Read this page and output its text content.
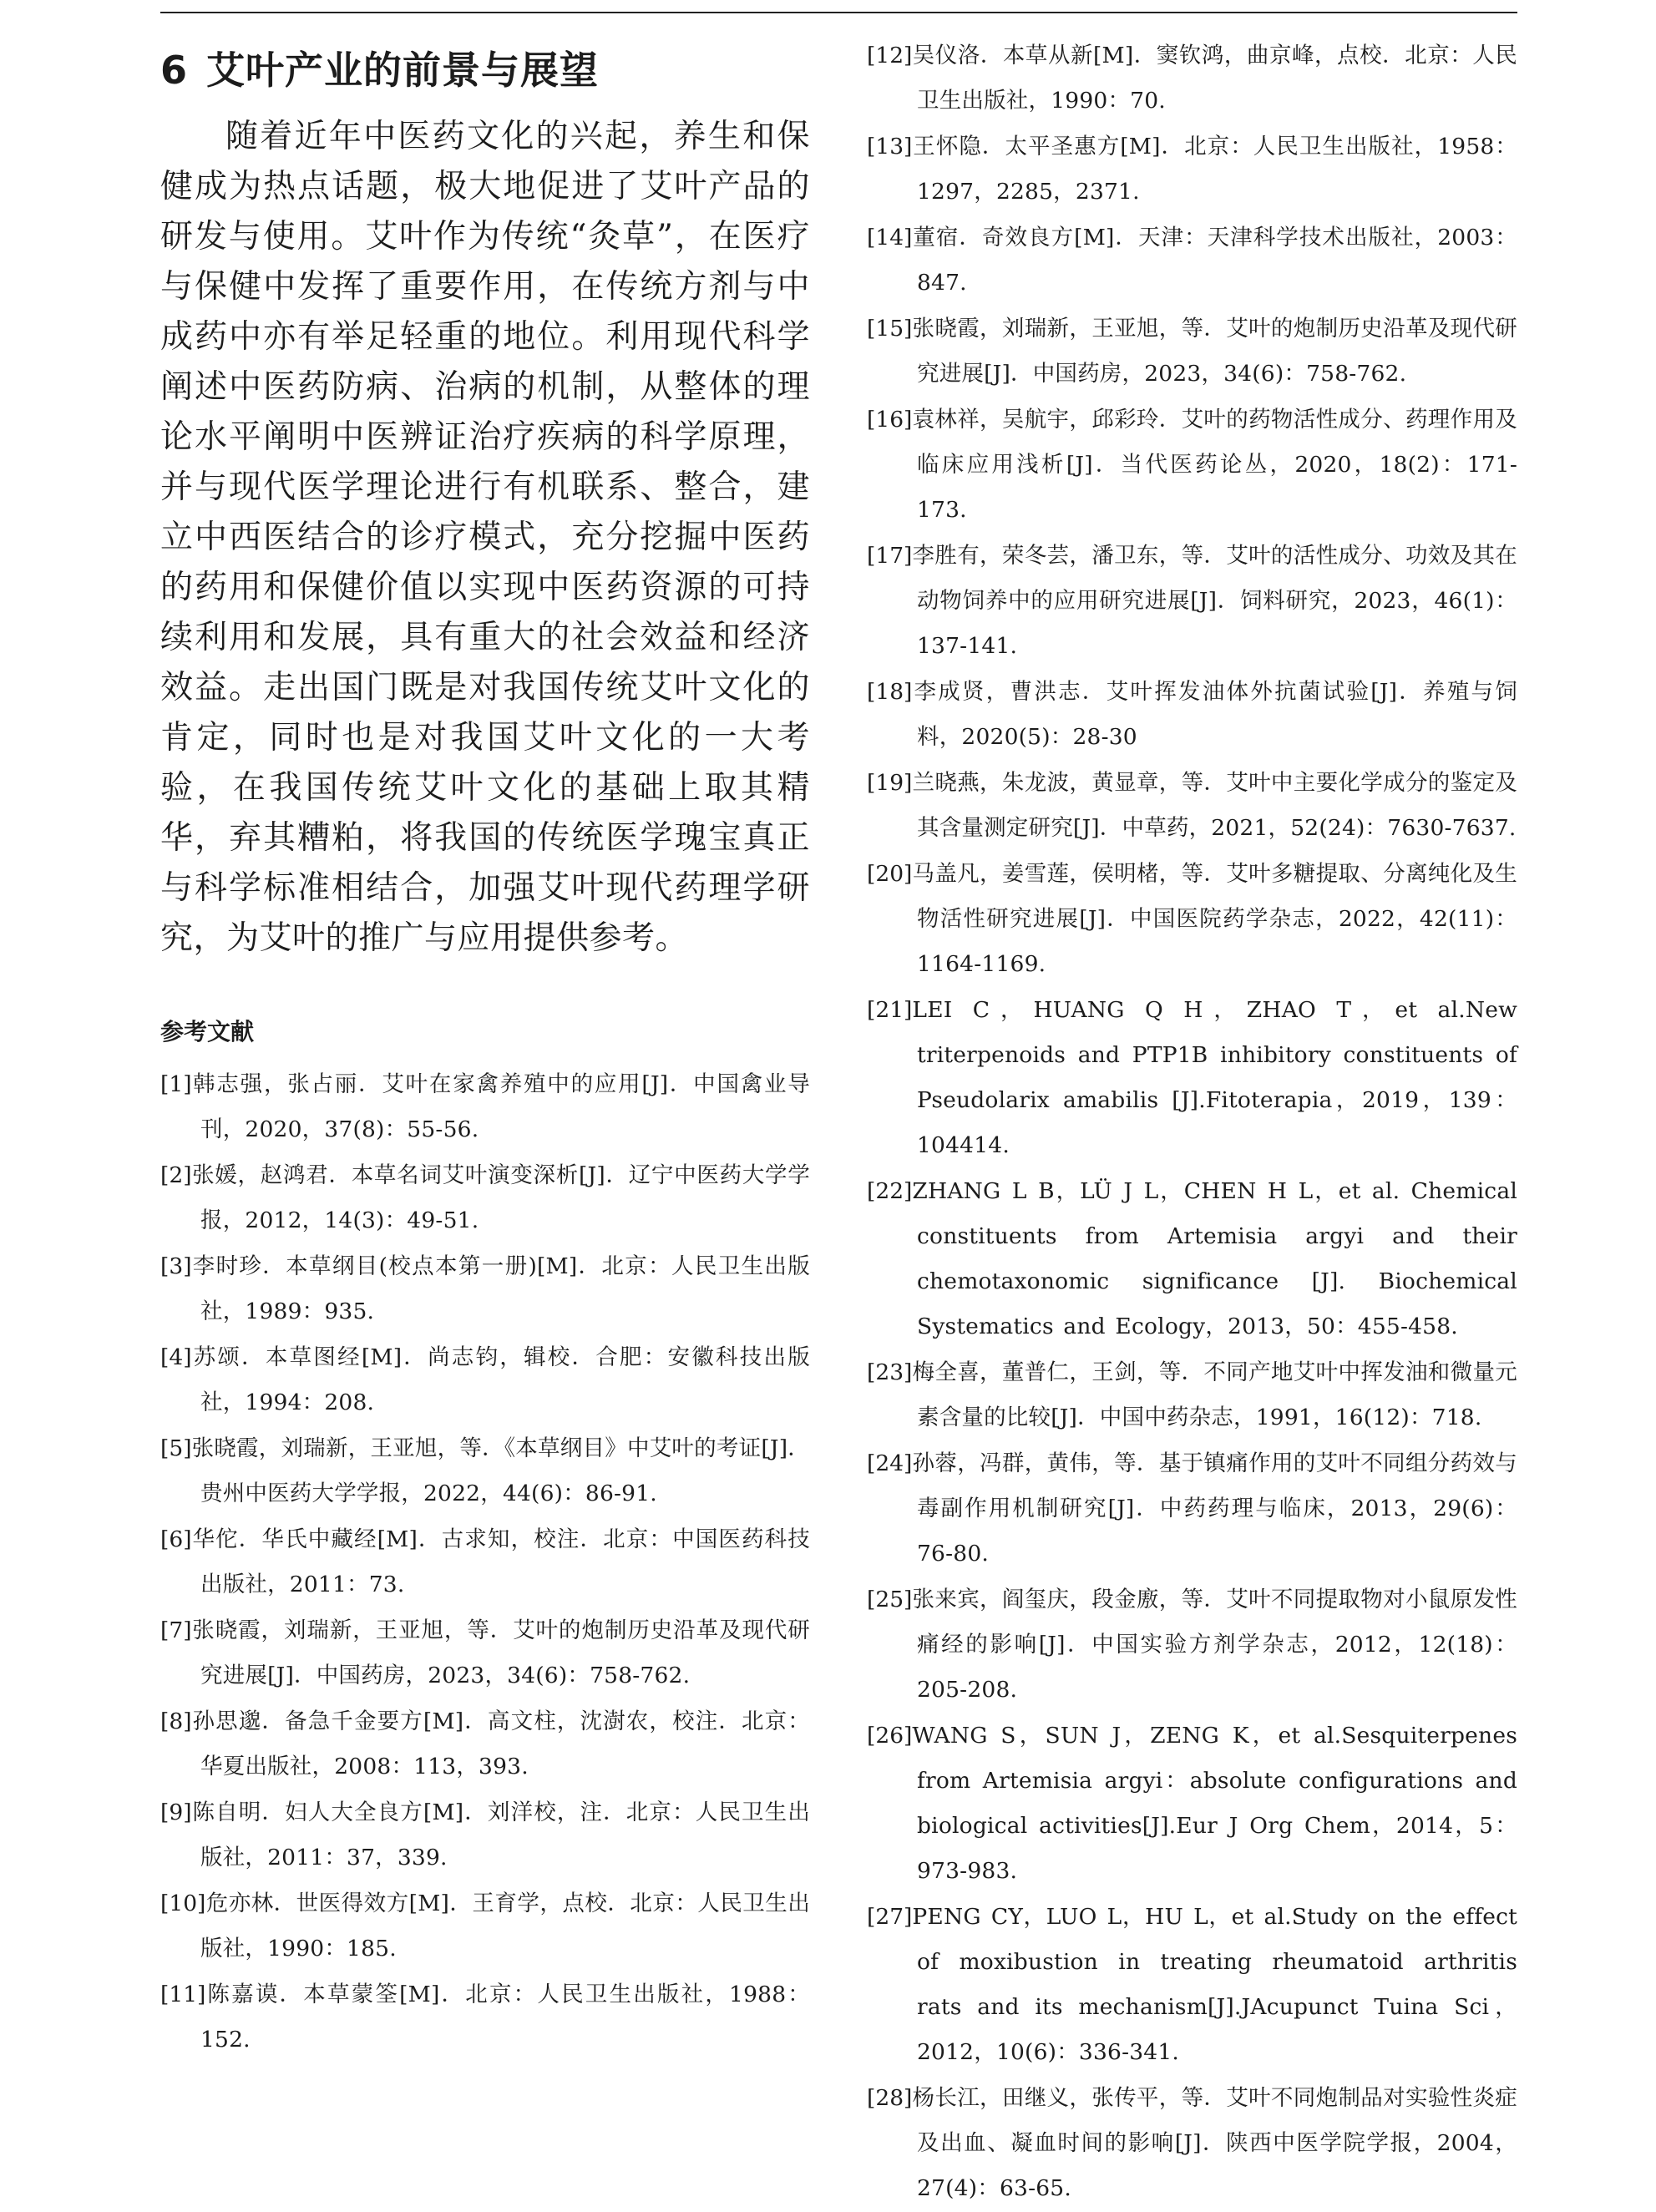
6 艾叶产业的前景与展望

随着近年中医药文化的兴起，养生和保健成为热点话题，极大地促进了艾叶产品的研发与使用。艾叶作为传统“灸草”，在医疗与保健中发挥了重要作用，在传统方剂与中成药中亦有举足轻重的地位。利用现代科学阐述中医药防病、治病的机制，从整体的理论水平阐明中医辨证治疗疾病的科学原理，并与现代医学理论进行有机联系、整合，建立中西医结合的诊疗模式，充分挖掘中医药的药用和保健价值以实现中医药资源的可持续利用和发展，具有重大的社会效益和经济效益。走出国门既是对我国传统艾叶文化的肯定，同时也是对我国艾叶文化的一大考验，在我国传统艾叶文化的基础上取其精华，弃其糟粕，将我国的传统医学瑰宝真正与科学标准相结合，加强艾叶现代药理学研究，为艾叶的推广与应用提供参考。

参考文献
[1]韩志强，张占丽．艾叶在家禽养殖中的应用[J]．中国禽业导刊，2020，37(8)：55-56.
[2]张媛，赵鸿君．本草名词艾叶演变深析[J]．辽宁中医药大学学报，2012，14(3)：49-51.
[3]李时珍．本草纲目(校点本第一册)[M]．北京：人民卫生出版社，1989：935.
[4]苏颂．本草图经[M]．尚志钧，辑校．合肥：安徽科技出版社，1994：208.
[5]张晓霞，刘瑞新，王亚旭，等．《本草纲目》中艾叶的考证[J]．贵州中医药大学学报，2022，44(6)：86-91.
[6]华佗．华氏中藏经[M]．古求知，校注．北京：中国医药科技出版社，2011：73.
[7]张晓霞，刘瑞新，王亚旭，等．艾叶的炮制历史沿革及现代研究进展[J]．中国药房，2023，34(6)：758-762.
[8]孙思邈．备急千金要方[M]．高文柱，沈澍农，校注．北京：华夏出版社，2008：113，393.
[9]陈自明．妇人大全良方[M]．刘洋校，注．北京：人民卫生出版社，2011：37，339.
[10]危亦林．世医得效方[M]．王育学，点校．北京：人民卫生出版社，1990：185.
[11]陈嘉谟．本草蒙筌[M]．北京：人民卫生出版社，1988：152.
[12]吴仪洛．本草从新[M]．窦钦鸿，曲京峰，点校．北京：人民卫生出版社，1990：70.
[13]王怀隐．太平圣惠方[M]．北京：人民卫生出版社，1958：1297，2285，2371.
[14]董宿．奇效良方[M]．天津：天津科学技术出版社，2003：847.
[15]张晓霞，刘瑞新，王亚旭，等．艾叶的炮制历史沿革及现代研究进展[J]．中国药房，2023，34(6)：758-762.
[16]袁林祥，吴航宇，邱彩玲．艾叶的药物活性成分、药理作用及临床应用浅析[J]．当代医药论丛，2020，18(2)：171-173.
[17]李胜有，荣冬芸，潘卫东，等．艾叶的活性成分、功效及其在动物饲养中的应用研究进展[J]．饲料研究，2023，46(1)：137-141.
[18]李成贤，曹洪志．艾叶挥发油体外抗菌试验[J]．养殖与饲料，2020(5)：28-30
[19]兰晓燕，朱龙波，黄显章，等．艾叶中主要化学成分的鉴定及其含量测定研究[J]．中草药，2021，52(24)：7630-7637.
[20]马盖凡，姜雪莲，侯明楮，等．艾叶多糖提取、分离纯化及生物活性研究进展[J]．中国医院药学杂志，2022，42(11)：1164-1169.
[21]LEI C，HUANG Q H，ZHAO T，et al.New triterpenoids and PTP1B inhibitory constituents of Pseudolarix amabilis [J].Fitoterapia，2019，139：104414.
[22]ZHANG L B，LÜ J L，CHEN H L，et al. Chemical constituents from Artemisia argyi and their chemotaxonomic significance [J]. Biochemical Systematics and Ecology，2013，50：455-458.
[23]梅全喜，董普仁，王剑，等．不同产地艾叶中挥发油和微量元素含量的比较[J]．中国中药杂志，1991，16(12)：718.
[24]孙蓉，冯群，黄伟，等．基于镇痛作用的艾叶不同组分药效与毒副作用机制研究[J]．中药药理与临床，2013，29(6)：76-80.
[25]张来宾，阎玺庆，段金廒，等．艾叶不同提取物对小鼠原发性痛经的影响[J]．中国实验方剂学杂志，2012，12(18)：205-208.
[26]WANG S，SUN J，ZENG K，et al.Sesquiterpenes from Artemisia argyi：absolute configurations and biological activities[J].Eur J Org Chem，2014，5：973-983.
[27]PENG CY，LUO L，HU L，et al.Study on the effect of moxibustion in treating rheumatoid arthritis rats and its mechanism[J].JAcupunct Tuina Sci，2012，10(6)：336-341.
[28]杨长江，田继义，张传平，等．艾叶不同炮制品对实验性炎症及出血、凝血时间的影响[J]．陕西中医学院学报，2004，27(4)：63-65.
